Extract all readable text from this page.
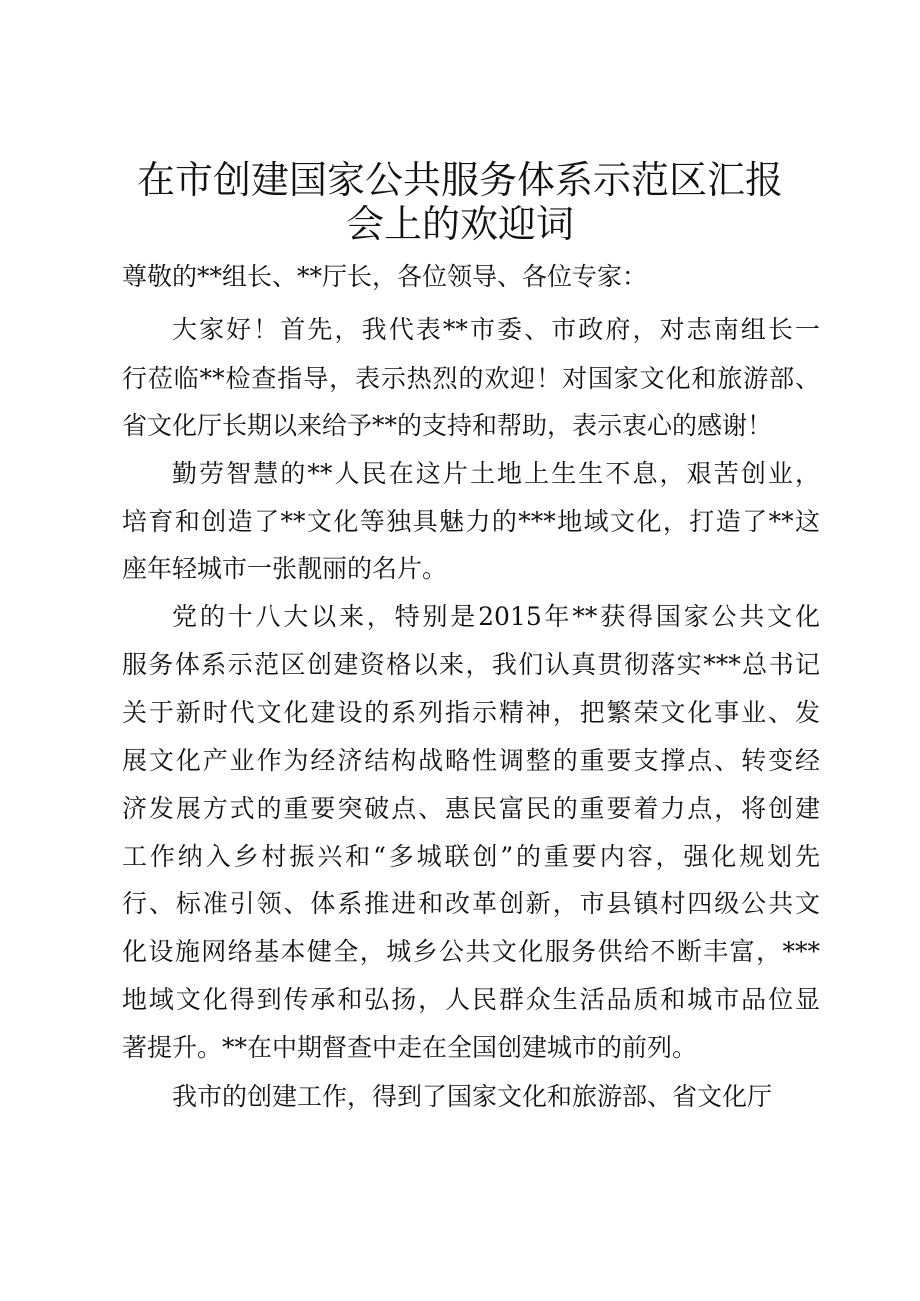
在市创建国家公共服务体系示范区汇报
会上的欢迎词
尊敬的**组长、**厅长，各位领导、各位专家：
大家好！首先，我代表**市委、市政府，对志南组长一
行莅临**检查指导，表示热烈的欢迎！对国家文化和旅游部、
省文化厅长期以来给予**的支持和帮助，表示衷心的感谢！
勤劳智慧的**人民在这片土地上生生不息，艰苦创业，
培育和创造了**文化等独具魅力的***地域文化，打造了**这
座年轻城市一张靓丽的名片。
党的十八大以来，特别是2015年**获得国家公共文化
服务体系示范区创建资格以来，我们认真贯彻落实***总书记
关于新时代文化建设的系列指示精神，把繁荣文化事业、发
展文化产业作为经济结构战略性调整的重要支撑点、转变经
济发展方式的重要突破点、惠民富民的重要着力点，将创建
工作纳入乡村振兴和“多城联创”的重要内容，强化规划先
行、标准引领、体系推进和改革创新，市县镇村四级公共文
化设施网络基本健全，城乡公共文化服务供给不断丰富，***
地域文化得到传承和弘扬，人民群众生活品质和城市品位显
著提升。**在中期督查中走在全国创建城市的前列。
我市的创建工作，得到了国家文化和旅游部、省文化厅
